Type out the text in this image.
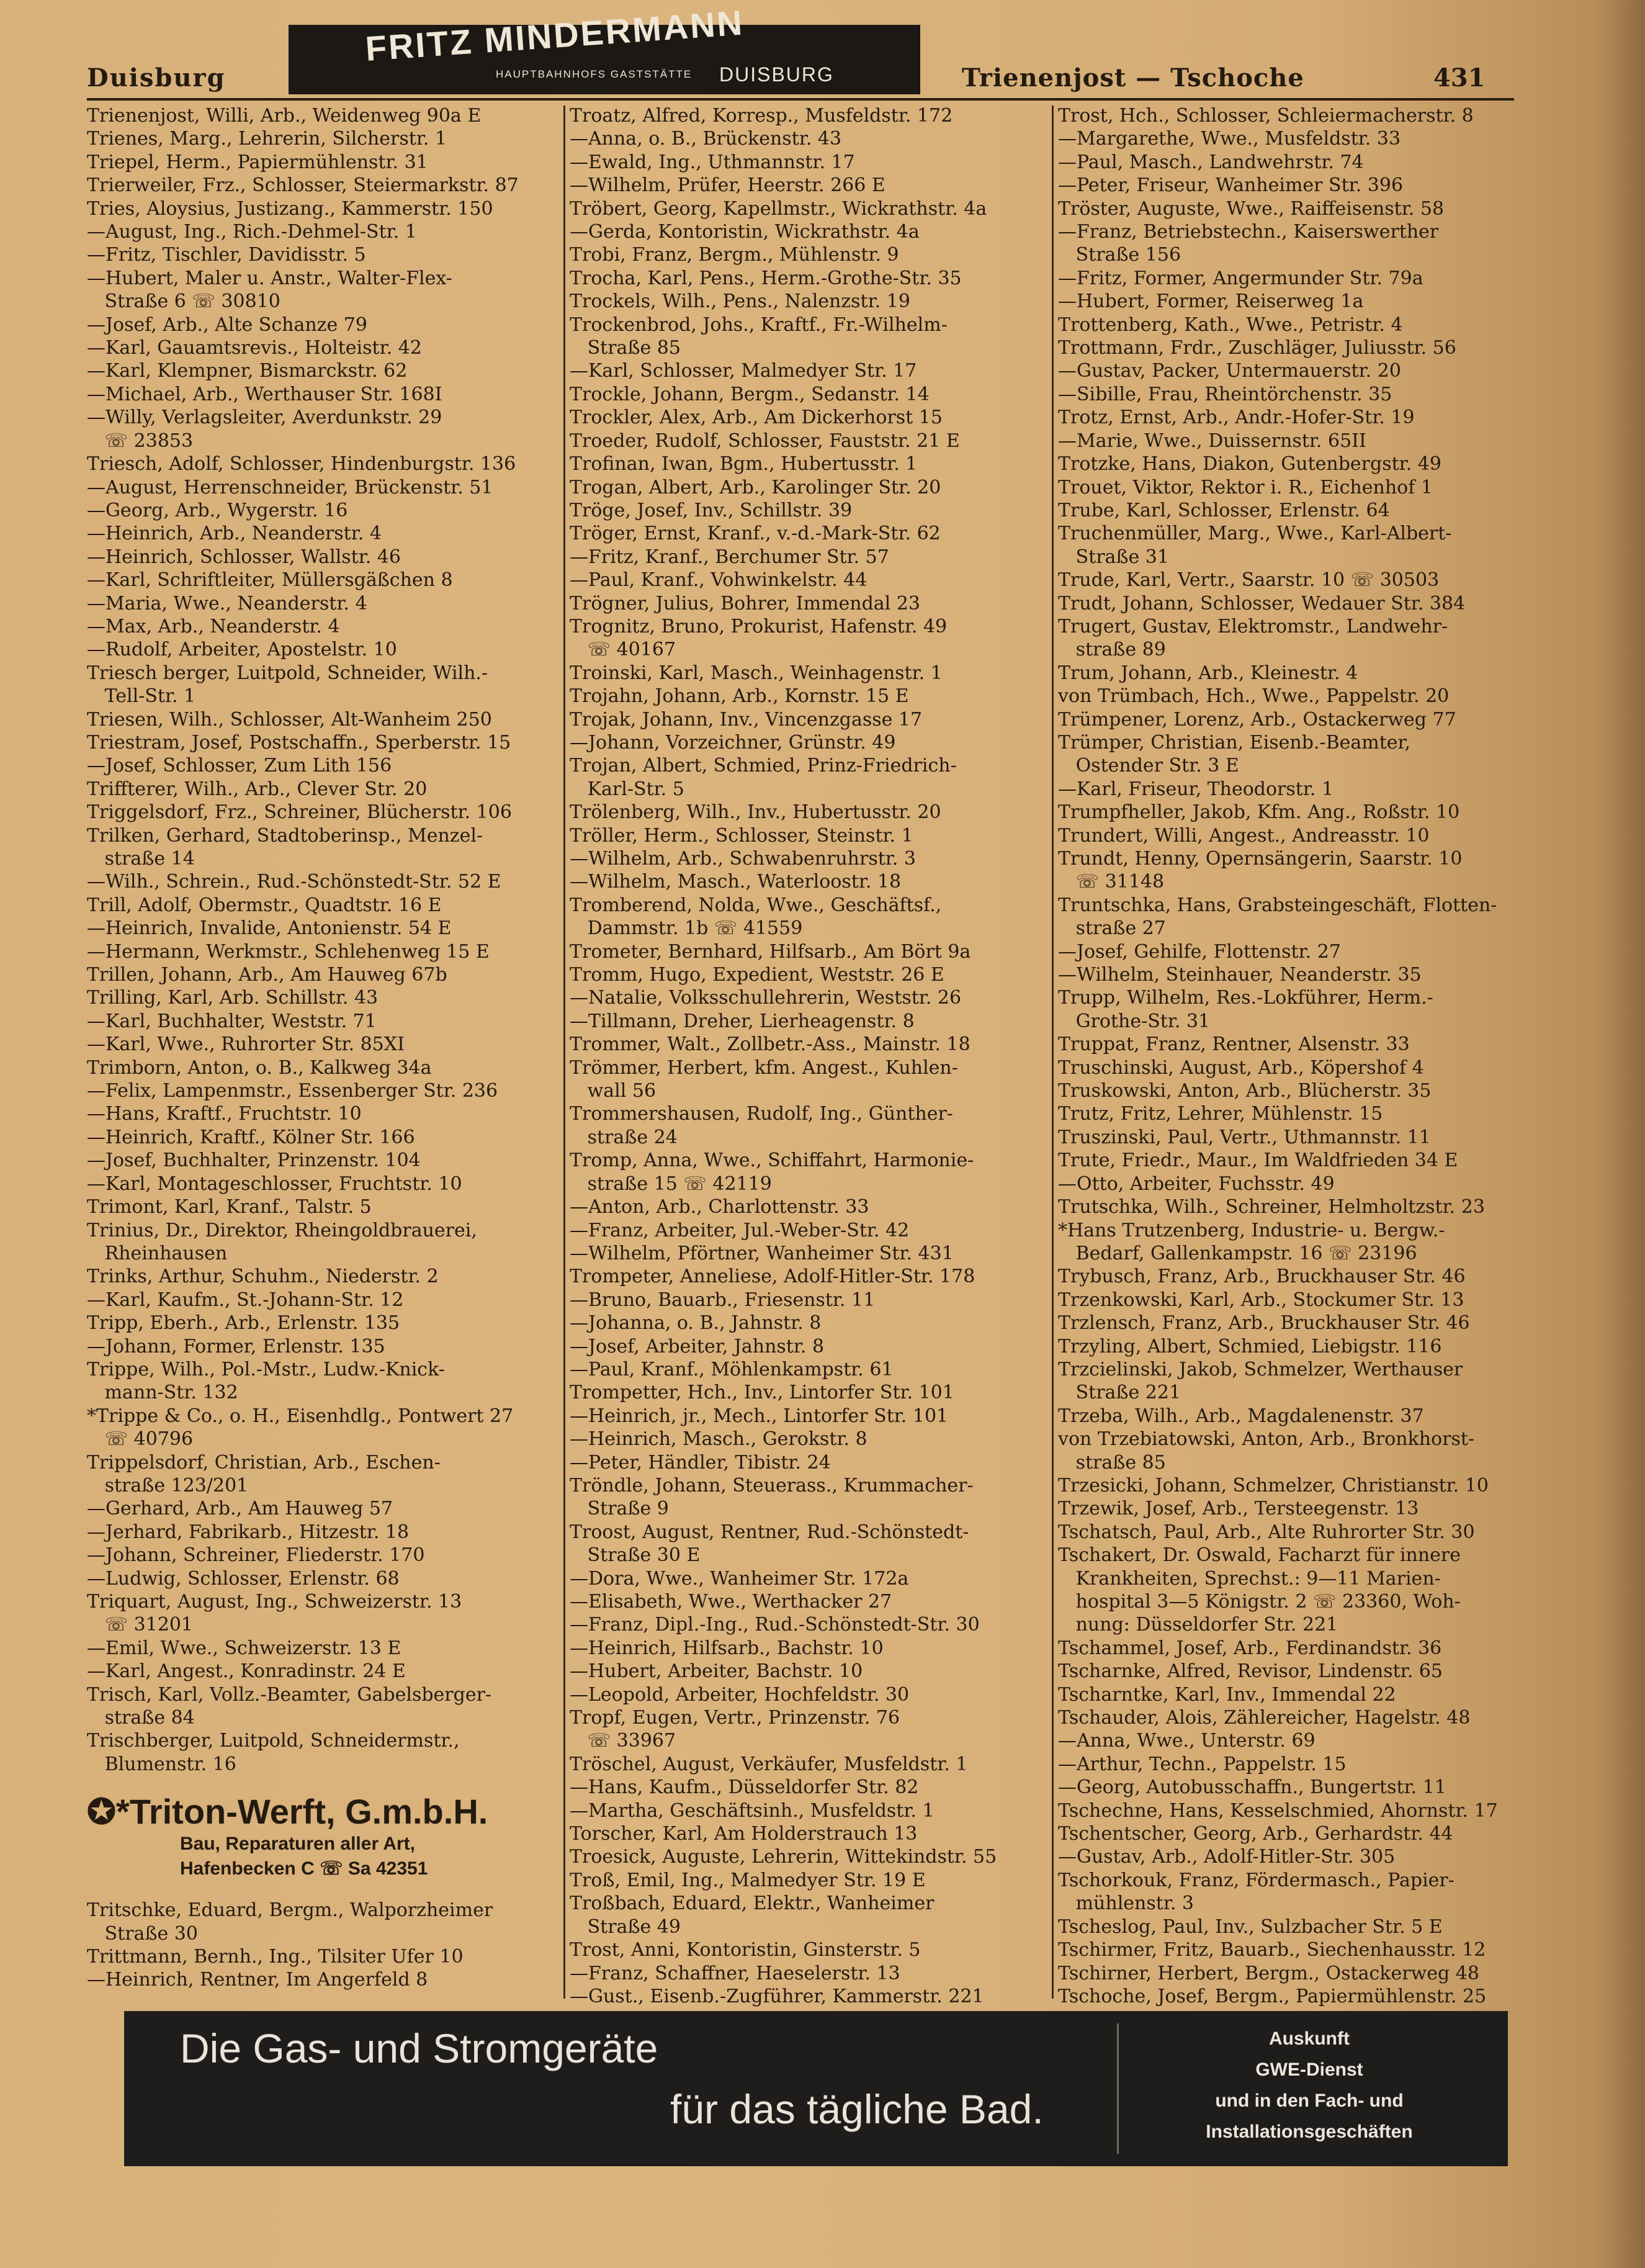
Duisburg
FRITZ MINDERMANN
HAUPTBAHNHOFS GASTSTÄTTE DUISBURG	Trienenjost — Tschoche	431
Trienenjost, Willi, Arb., Weidenweg 90a E
Trienes, Marg., Lehrerin, Silcherstr. 1
Triepel, Herm., Papiermühlenstr. 31
Trierweiler, Frz., Schlosser, Steiermarkstr. 87
Tries, Aloysius, Justizang., Kammerstr. 150
—August, Ing., Rich.-Dehmel-Str. 1
—Fritz, Tischler, Davidisstr. 5
—Hubert, Maler u. Anstr., Walter-Flex-
Straße 6 ☏ 30810
—Josef, Arb., Alte Schanze 79
—Karl, Gauamtsrevis., Holteistr. 42
—Karl, Klempner, Bismarckstr. 62
—Michael, Arb., Werthauser Str. 168I
—Willy, Verlagsleiter, Averdunkstr. 29
☏ 23853
Triesch, Adolf, Schlosser, Hindenburgstr. 136
—August, Herrenschneider, Brückenstr. 51
—Georg, Arb., Wygerstr. 16
—Heinrich, Arb., Neanderstr. 4
—Heinrich, Schlosser, Wallstr. 46
—Karl, Schriftleiter, Müllersgäßchen 8
—Maria, Wwe., Neanderstr. 4
—Max, Arb., Neanderstr. 4
—Rudolf, Arbeiter, Apostelstr. 10
Triesch berger, Luitpold, Schneider, Wilh.-
Tell-Str. 1
Triesen, Wilh., Schlosser, Alt-Wanheim 250
Triestram, Josef, Postschaffn., Sperberstr. 15
—Josef, Schlosser, Zum Lith 156
Triffterer, Wilh., Arb., Clever Str. 20
Triggelsdorf, Frz., Schreiner, Blücherstr. 106
Trilken, Gerhard, Stadtoberinsp., Menzel-
straße 14
—Wilh., Schrein., Rud.-Schönstedt-Str. 52 E
Trill, Adolf, Obermstr., Quadtstr. 16 E
—Heinrich, Invalide, Antonienstr. 54 E
—Hermann, Werkmstr., Schlehenweg 15 E
Trillen, Johann, Arb., Am Hauweg 67b
Trilling, Karl, Arb. Schillstr. 43
—Karl, Buchhalter, Weststr. 71
—Karl, Wwe., Ruhrorter Str. 85XI
Trimborn, Anton, o. B., Kalkweg 34a
—Felix, Lampenmstr., Essenberger Str. 236
—Hans, Kraftf., Fruchtstr. 10
—Heinrich, Kraftf., Kölner Str. 166
—Josef, Buchhalter, Prinzenstr. 104
—Karl, Montageschlosser, Fruchtstr. 10
Trimont, Karl, Kranf., Talstr. 5
Trinius, Dr., Direktor, Rheingoldbrauerei,
Rheinhausen
Trinks, Arthur, Schuhm., Niederstr. 2
—Karl, Kaufm., St.-Johann-Str. 12
Tripp, Eberh., Arb., Erlenstr. 135
—Johann, Former, Erlenstr. 135
Trippe, Wilh., Pol.-Mstr., Ludw.-Knick-
mann-Str. 132
*Trippe & Co., o. H., Eisenhdlg., Pontwert 27
☏ 40796
Trippelsdorf, Christian, Arb., Eschen-
straße 123/201
—Gerhard, Arb., Am Hauweg 57
—Jerhard, Fabrikarb., Hitzestr. 18
—Johann, Schreiner, Fliederstr. 170
—Ludwig, Schlosser, Erlenstr. 68
Triquart, August, Ing., Schweizerstr. 13
☏ 31201
—Emil, Wwe., Schweizerstr. 13 E
—Karl, Angest., Konradinstr. 24 E
Trisch, Karl, Vollz.-Beamter, Gabelsberger-
straße 84
Trischberger, Luitpold, Schneidermstr.,
Blumenstr. 16
✪*Triton-Werft, G.m.b.H.
Bau, Reparaturen aller Art,
Hafenbecken C ☏ Sa 42351
Tritschke, Eduard, Bergm., Walporzheimer
Straße 30
Trittmann, Bernh., Ing., Tilsiter Ufer 10
—Heinrich, Rentner, Im Angerfeld 8
Troatz, Alfred, Korresp., Musfeldstr. 172
—Anna, o. B., Brückenstr. 43
—Ewald, Ing., Uthmannstr. 17
—Wilhelm, Prüfer, Heerstr. 266 E
Tröbert, Georg, Kapellmstr., Wickrathstr. 4a
—Gerda, Kontoristin, Wickrathstr. 4a
Trobi, Franz, Bergm., Mühlenstr. 9
Trocha, Karl, Pens., Herm.-Grothe-Str. 35
Trockels, Wilh., Pens., Nalenzstr. 19
Trockenbrod, Johs., Kraftf., Fr.-Wilhelm-
Straße 85
—Karl, Schlosser, Malmedyer Str. 17
Trockle, Johann, Bergm., Sedanstr. 14
Trockler, Alex, Arb., Am Dickerhorst 15
Troeder, Rudolf, Schlosser, Fauststr. 21 E
Trofinan, Iwan, Bgm., Hubertusstr. 1
Trogan, Albert, Arb., Karolinger Str. 20
Tröge, Josef, Inv., Schillstr. 39
Tröger, Ernst, Kranf., v.-d.-Mark-Str. 62
—Fritz, Kranf., Berchumer Str. 57
—Paul, Kranf., Vohwinkelstr. 44
Trögner, Julius, Bohrer, Immendal 23
Trognitz, Bruno, Prokurist, Hafenstr. 49
☏ 40167
Troinski, Karl, Masch., Weinhagenstr. 1
Trojahn, Johann, Arb., Kornstr. 15 E
Trojak, Johann, Inv., Vincenzgasse 17
—Johann, Vorzeichner, Grünstr. 49
Trojan, Albert, Schmied, Prinz-Friedrich-
Karl-Str. 5
Trölenberg, Wilh., Inv., Hubertusstr. 20
Tröller, Herm., Schlosser, Steinstr. 1
—Wilhelm, Arb., Schwabenruhrstr. 3
—Wilhelm, Masch., Waterloostr. 18
Tromberend, Nolda, Wwe., Geschäftsf.,
Dammstr. 1b ☏ 41559
Trometer, Bernhard, Hilfsarb., Am Bört 9a
Tromm, Hugo, Expedient, Weststr. 26 E
—Natalie, Volksschullehrerin, Weststr. 26
—Tillmann, Dreher, Lierheagenstr. 8
Trommer, Walt., Zollbetr.-Ass., Mainstr. 18
Trömmer, Herbert, kfm. Angest., Kuhlen-
wall 56
Trommershausen, Rudolf, Ing., Günther-
straße 24
Tromp, Anna, Wwe., Schiffahrt, Harmonie-
straße 15 ☏ 42119
—Anton, Arb., Charlottenstr. 33
—Franz, Arbeiter, Jul.-Weber-Str. 42
—Wilhelm, Pförtner, Wanheimer Str. 431
Trompeter, Anneliese, Adolf-Hitler-Str. 178
—Bruno, Bauarb., Friesenstr. 11
—Johanna, o. B., Jahnstr. 8
—Josef, Arbeiter, Jahnstr. 8
—Paul, Kranf., Möhlenkampstr. 61
Trompetter, Hch., Inv., Lintorfer Str. 101
—Heinrich, jr., Mech., Lintorfer Str. 101
—Heinrich, Masch., Gerokstr. 8
—Peter, Händler, Tibistr. 24
Tröndle, Johann, Steuerass., Krummacher-
Straße 9
Troost, August, Rentner, Rud.-Schönstedt-
Straße 30 E
—Dora, Wwe., Wanheimer Str. 172a
—Elisabeth, Wwe., Werthacker 27
—Franz, Dipl.-Ing., Rud.-Schönstedt-Str. 30
—Heinrich, Hilfsarb., Bachstr. 10
—Hubert, Arbeiter, Bachstr. 10
—Leopold, Arbeiter, Hochfeldstr. 30
Tropf, Eugen, Vertr., Prinzenstr. 76
☏ 33967
Tröschel, August, Verkäufer, Musfeldstr. 1
—Hans, Kaufm., Düsseldorfer Str. 82
—Martha, Geschäftsinh., Musfeldstr. 1
Torscher, Karl, Am Holderstrauch 13
Troesick, Auguste, Lehrerin, Wittekindstr. 55
Troß, Emil, Ing., Malmedyer Str. 19 E
Troßbach, Eduard, Elektr., Wanheimer
Straße 49
Trost, Anni, Kontoristin, Ginsterstr. 5
—Franz, Schaffner, Haeselerstr. 13
—Gust., Eisenb.-Zugführer, Kammerstr. 221
Trost, Hch., Schlosser, Schleiermacherstr. 8
—Margarethe, Wwe., Musfeldstr. 33
—Paul, Masch., Landwehrstr. 74
—Peter, Friseur, Wanheimer Str. 396
Tröster, Auguste, Wwe., Raiffeisenstr. 58
—Franz, Betriebstechn., Kaiserswerther
Straße 156
—Fritz, Former, Angermunder Str. 79a
—Hubert, Former, Reiserweg 1a
Trottenberg, Kath., Wwe., Petristr. 4
Trottmann, Frdr., Zuschläger, Juliusstr. 56
—Gustav, Packer, Untermauerstr. 20
—Sibille, Frau, Rheintörchenstr. 35
Trotz, Ernst, Arb., Andr.-Hofer-Str. 19
—Marie, Wwe., Duissernstr. 65II
Trotzke, Hans, Diakon, Gutenbergstr. 49
Trouet, Viktor, Rektor i. R., Eichenhof 1
Trube, Karl, Schlosser, Erlenstr. 64
Truchenmüller, Marg., Wwe., Karl-Albert-
Straße 31
Trude, Karl, Vertr., Saarstr. 10 ☏ 30503
Trudt, Johann, Schlosser, Wedauer Str. 384
Trugert, Gustav, Elektromstr., Landwehr-
straße 89
Trum, Johann, Arb., Kleinestr. 4
von Trümbach, Hch., Wwe., Pappelstr. 20
Trümpener, Lorenz, Arb., Ostackerweg 77
Trümper, Christian, Eisenb.-Beamter,
Ostender Str. 3 E
—Karl, Friseur, Theodorstr. 1
Trumpfheller, Jakob, Kfm. Ang., Roßstr. 10
Trundert, Willi, Angest., Andreasstr. 10
Trundt, Henny, Opernsängerin, Saarstr. 10
☏ 31148
Truntschka, Hans, Grabsteingeschäft, Flotten-
straße 27
—Josef, Gehilfe, Flottenstr. 27
—Wilhelm, Steinhauer, Neanderstr. 35
Trupp, Wilhelm, Res.-Lokführer, Herm.-
Grothe-Str. 31
Truppat, Franz, Rentner, Alsenstr. 33
Truschinski, August, Arb., Köpershof 4
Truskowski, Anton, Arb., Blücherstr. 35
Trutz, Fritz, Lehrer, Mühlenstr. 15
Truszinski, Paul, Vertr., Uthmannstr. 11
Trute, Friedr., Maur., Im Waldfrieden 34 E
—Otto, Arbeiter, Fuchsstr. 49
Trutschka, Wilh., Schreiner, Helmholtzstr. 23
*Hans Trutzenberg, Industrie- u. Bergw.-
Bedarf, Gallenkampstr. 16 ☏ 23196
Trybusch, Franz, Arb., Bruckhauser Str. 46
Trzenkowski, Karl, Arb., Stockumer Str. 13
Trzlensch, Franz, Arb., Bruckhauser Str. 46
Trzyling, Albert, Schmied, Liebigstr. 116
Trzcielinski, Jakob, Schmelzer, Werthauser
Straße 221
Trzeba, Wilh., Arb., Magdalenenstr. 37
von Trzebiatowski, Anton, Arb., Bronkhorst-
straße 85
Trzesicki, Johann, Schmelzer, Christianstr. 10
Trzewik, Josef, Arb., Tersteegenstr. 13
Tschatsch, Paul, Arb., Alte Ruhrorter Str. 30
Tschakert, Dr. Oswald, Facharzt für innere
Krankheiten, Sprechst.: 9—11 Marien-
hospital 3—5 Königstr. 2 ☏ 23360, Woh-
nung: Düsseldorfer Str. 221
Tschammel, Josef, Arb., Ferdinandstr. 36
Tscharnke, Alfred, Revisor, Lindenstr. 65
Tscharntke, Karl, Inv., Immendal 22
Tschauder, Alois, Zählereicher, Hagelstr. 48
—Anna, Wwe., Unterstr. 69
—Arthur, Techn., Pappelstr. 15
—Georg, Autobusschaffn., Bungertstr. 11
Tschechne, Hans, Kesselschmied, Ahornstr. 17
Tschentscher, Georg, Arb., Gerhardstr. 44
—Gustav, Arb., Adolf-Hitler-Str. 305
Tschorkouk, Franz, Fördermasch., Papier-
mühlenstr. 3
Tscheslog, Paul, Inv., Sulzbacher Str. 5 E
Tschirmer, Fritz, Bauarb., Siechenhausstr. 12
Tschirner, Herbert, Bergm., Ostackerweg 48
Tschoche, Josef, Bergm., Papiermühlenstr. 25
Die Gas- und Stromgeräte
für das tägliche Bad.
Auskunft
GWE-Dienst
und in den Fach- und
Installationsgeschäften
